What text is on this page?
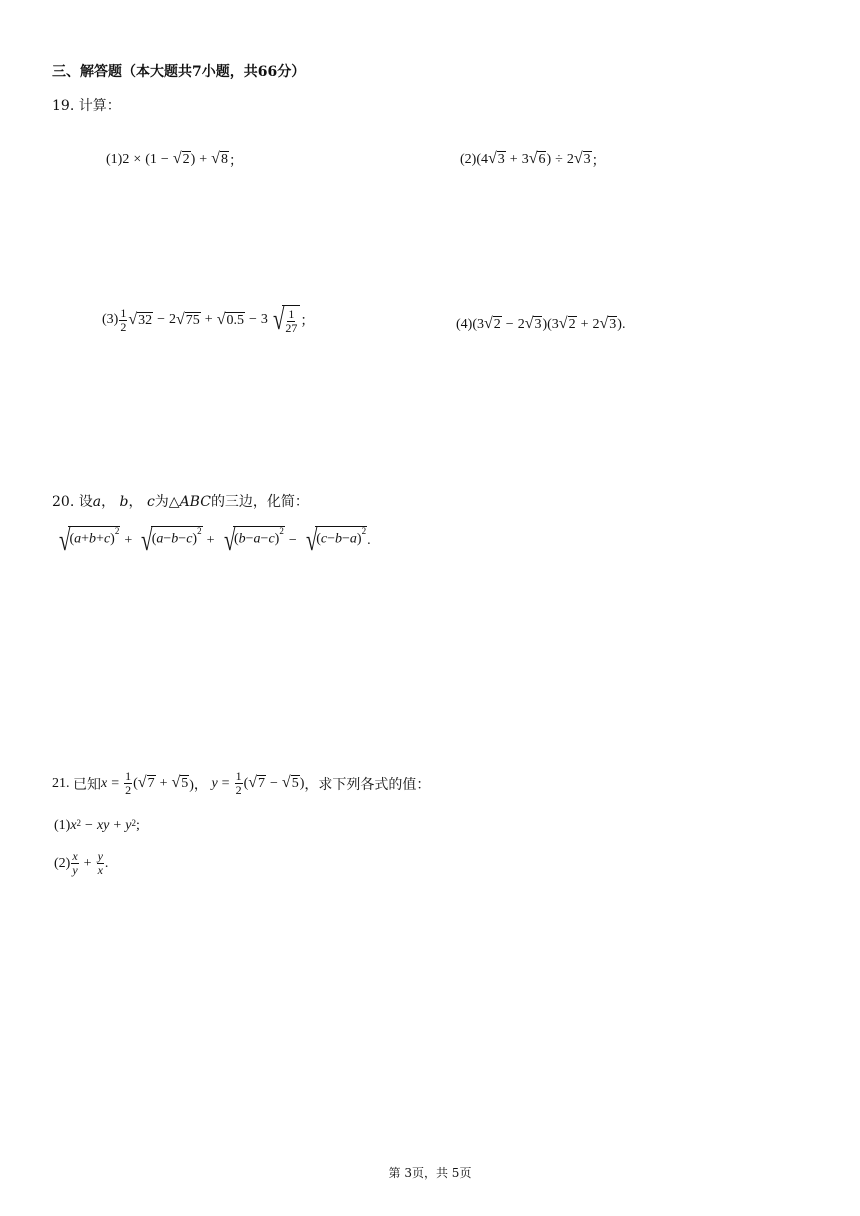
三、解答题（本大题共7小题，共66分）
19. 计算：
(1) 2 × (1 − √ 2 ) + √ 8 ；	(2) (4 √ 3 + 3 √ 6 ) ÷ 2 √ 3 ；
$(3) \frac{1}{2}$ √ 32 − 2 √ 75 + √ 0.5 − 3 √ $\frac{1}{27}$ ；	(4) (3 √ 2 − 2 √ 3 )(3 √ 2 + 2 √ 3 ) .
20. 设a， b， c为△ABC的三边，化简：
√ $(a+b+c)^2$
+ √ $(a-b-c)^2$
+ √ $(b-a-c)^2$
− √ $(c-b-a)^2$
.
21.
已知 $x = \frac{1}{2}$ ( √ 7 + √ 5 )， $y = \frac{1}{2}$ ( √ 7 − √ 5 ) ，求下列各式的值：
(1) x 2 − xy + y 2 ;
$(2) \frac{x}{y} + \frac{y}{x}$ .
第 3页，共 5页
